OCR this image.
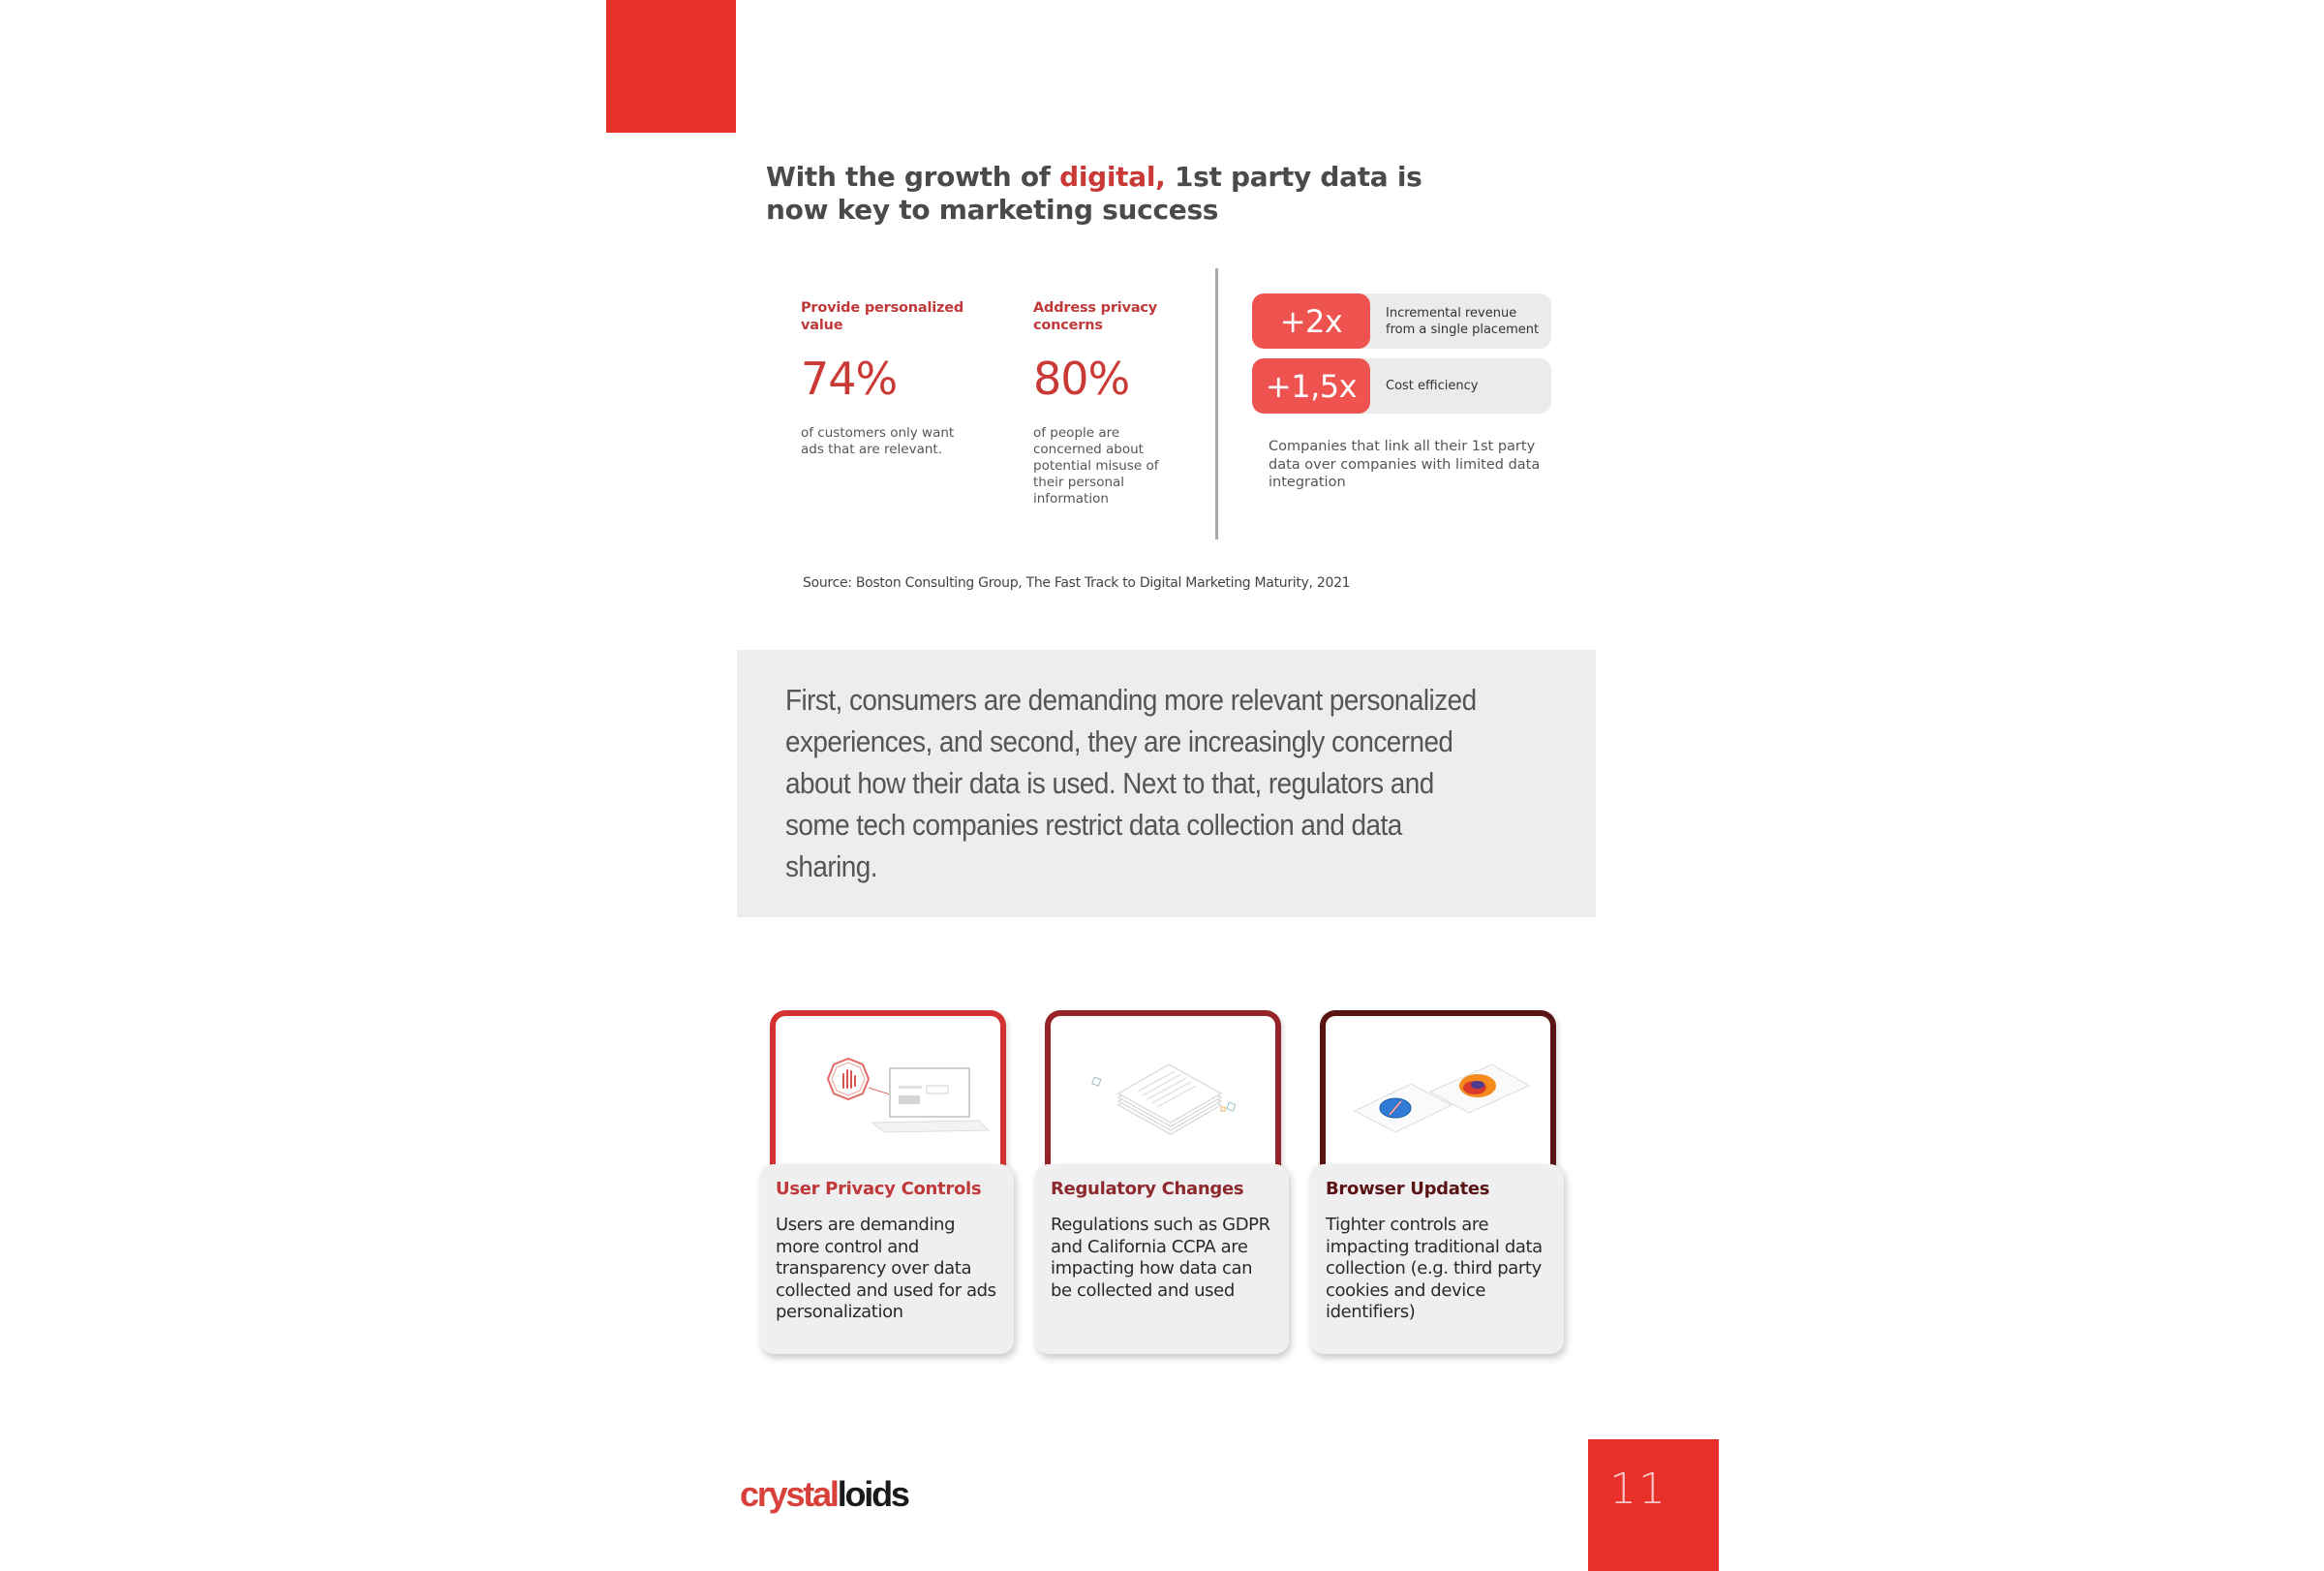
With the growth of digital, 1st party data is now key to marketing success
Provide personalized value
74%
of customers only want ads that are relevant.
Address privacy concerns
80%
of people are concerned about potential misuse of their personal information
+2x	Incremental revenue from a single placement
+1,5x	Cost efficiency
Companies that link all their 1st party data over companies with limited data integration
Source: Boston Consulting Group, The Fast Track to Digital Marketing Maturity, 2021
First, consumers are demanding more relevant personalized experiences, and second, they are increasingly concerned about how their data is used. Next to that, regulators and some tech companies restrict data collection and data sharing.
User Privacy Controls
Users are demanding more control and transparency over data collected and used for ads personalization
Regulatory Changes
Regulations such as GDPR and California CCPA are impacting how data can be collected and used
Browser Updates
Tighter controls are impacting traditional data collection (e.g. third party cookies and device identifiers)
crystalloids	11
